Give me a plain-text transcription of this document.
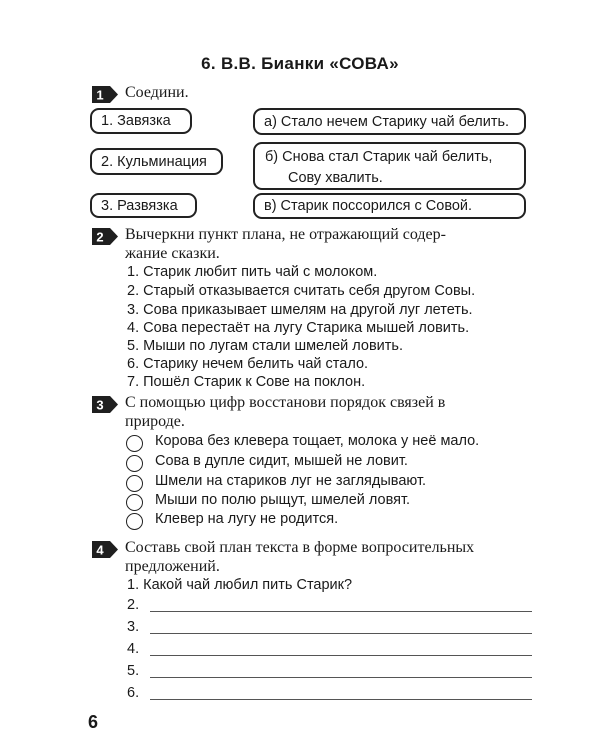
6. В.В. Бианки «СОВА»
1 Соедини.
1. Завязка
2. Кульминация
3. Развязка
а) Стало нечем Старику чай белить.
б) Снова стал Старик чай белить,
Сову хвалить.
в) Старик поссорился с Совой.
2 Вычеркни пункт плана, не отражающий содер-
жание сказки.
1. Старик любит пить чай с молоком.
2. Старый отказывается считать себя другом Совы.
3. Сова приказывает шмелям на другой луг лететь.
4. Сова перестаёт на лугу Старика мышей ловить.
5. Мыши по лугам стали шмелей ловить.
6. Старику нечем белить чай стало.
7. Пошёл Старик к Сове на поклон.
3 С помощью цифр восстанови порядок связей в
природе.
Корова без клевера тощает, молока у неё мало.
Сова в дупле сидит, мышей не ловит.
Шмели на стариков луг не заглядывают.
Мыши по полю рыщут, шмелей ловят.
Клевер на лугу не родится.
4 Составь свой план текста в форме вопросительных
предложений.
1. Какой чай любил пить Старик?
2.
3.
4.
5.
6.
6
